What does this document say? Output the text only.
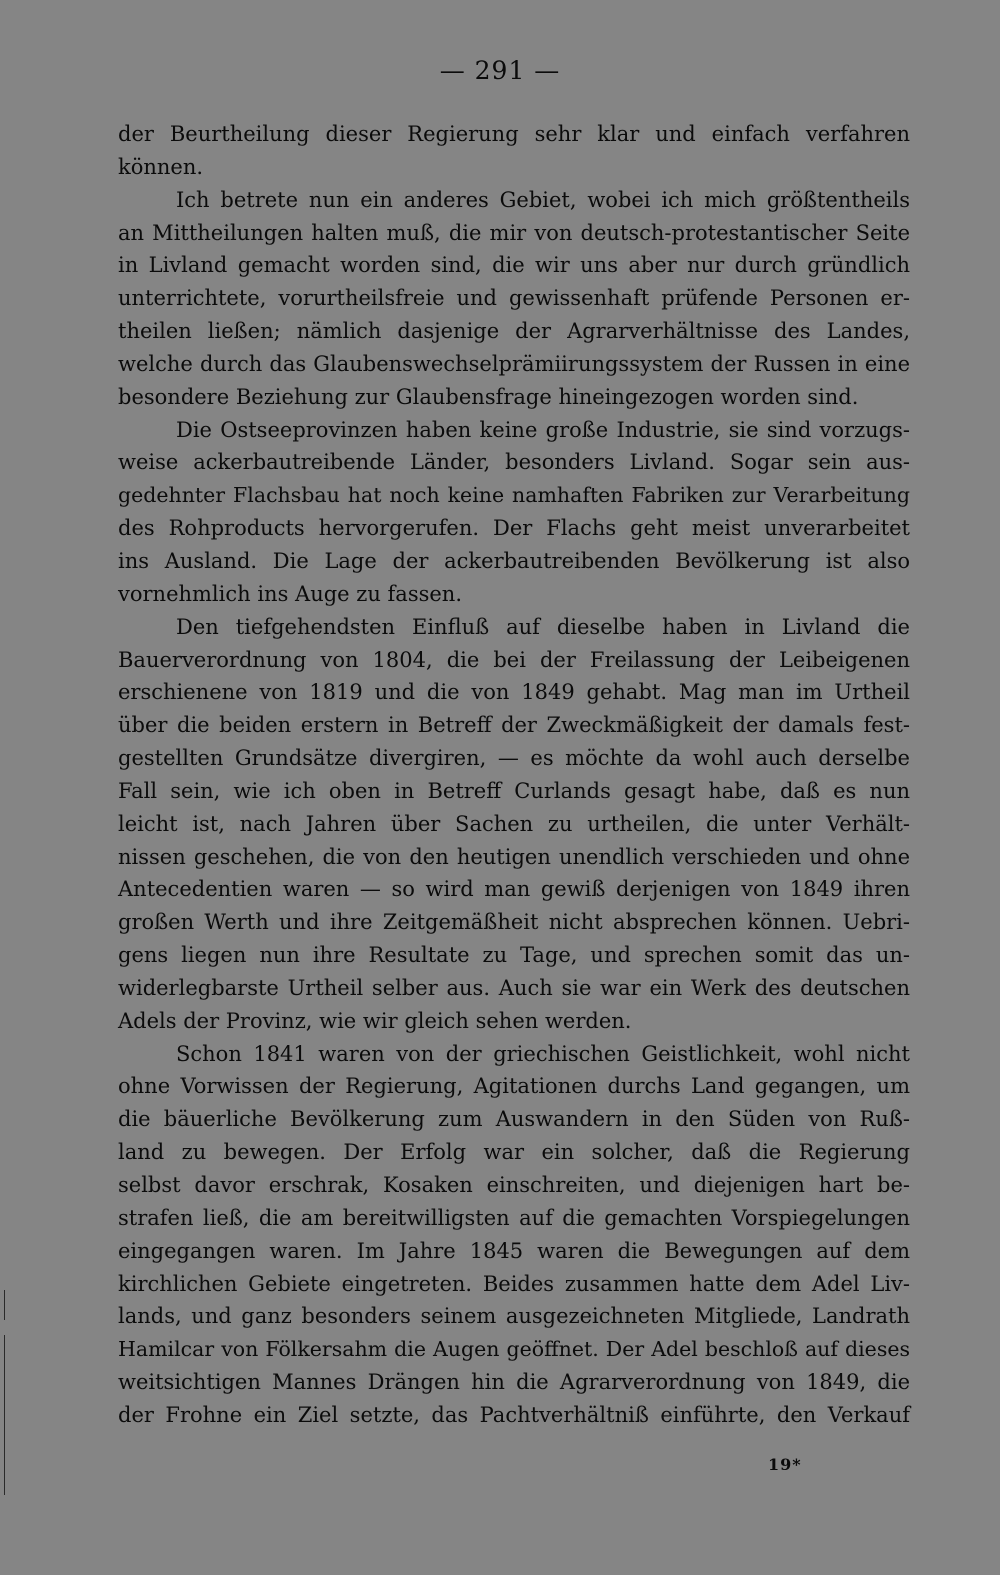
— 291 —
der Beurtheilung dieser Regierung sehr klar und einfach verfahren
können.
Ich betrete nun ein anderes Gebiet, wobei ich mich größtentheils
an Mittheilungen halten muß, die mir von deutsch-protestantischer Seite
in Livland gemacht worden sind, die wir uns aber nur durch gründlich
unterrichtete, vorurtheilsfreie und gewissenhaft prüfende Personen er-
theilen ließen; nämlich dasjenige der Agrarverhältnisse des Landes,
welche durch das Glaubenswechselprämiirungssystem der Russen in eine
besondere Beziehung zur Glaubensfrage hineingezogen worden sind.
Die Ostseeprovinzen haben keine große Industrie, sie sind vorzugs-
weise ackerbautreibende Länder, besonders Livland. Sogar sein aus-
gedehnter Flachsbau hat noch keine namhaften Fabriken zur Verarbeitung
des Rohproducts hervorgerufen. Der Flachs geht meist unverarbeitet
ins Ausland. Die Lage der ackerbautreibenden Bevölkerung ist also
vornehmlich ins Auge zu fassen.
Den tiefgehendsten Einfluß auf dieselbe haben in Livland die
Bauerverordnung von 1804, die bei der Freilassung der Leibeigenen
erschienene von 1819 und die von 1849 gehabt. Mag man im Urtheil
über die beiden erstern in Betreff der Zweckmäßigkeit der damals fest-
gestellten Grundsätze divergiren, — es möchte da wohl auch derselbe
Fall sein, wie ich oben in Betreff Curlands gesagt habe, daß es nun
leicht ist, nach Jahren über Sachen zu urtheilen, die unter Verhält-
nissen geschehen, die von den heutigen unendlich verschieden und ohne
Antecedentien waren — so wird man gewiß derjenigen von 1849 ihren
großen Werth und ihre Zeitgemäßheit nicht absprechen können. Uebri-
gens liegen nun ihre Resultate zu Tage, und sprechen somit das un-
widerlegbarste Urtheil selber aus. Auch sie war ein Werk des deutschen
Adels der Provinz, wie wir gleich sehen werden.
Schon 1841 waren von der griechischen Geistlichkeit, wohl nicht
ohne Vorwissen der Regierung, Agitationen durchs Land gegangen, um
die bäuerliche Bevölkerung zum Auswandern in den Süden von Ruß-
land zu bewegen. Der Erfolg war ein solcher, daß die Regierung
selbst davor erschrak, Kosaken einschreiten, und diejenigen hart be-
strafen ließ, die am bereitwilligsten auf die gemachten Vorspiegelungen
eingegangen waren. Im Jahre 1845 waren die Bewegungen auf dem
kirchlichen Gebiete eingetreten. Beides zusammen hatte dem Adel Liv-
lands, und ganz besonders seinem ausgezeichneten Mitgliede, Landrath
Hamilcar von Fölkersahm die Augen geöffnet. Der Adel beschloß auf dieses
weitsichtigen Mannes Drängen hin die Agrarverordnung von 1849, die
der Frohne ein Ziel setzte, das Pachtverhältniß einführte, den Verkauf
19*
